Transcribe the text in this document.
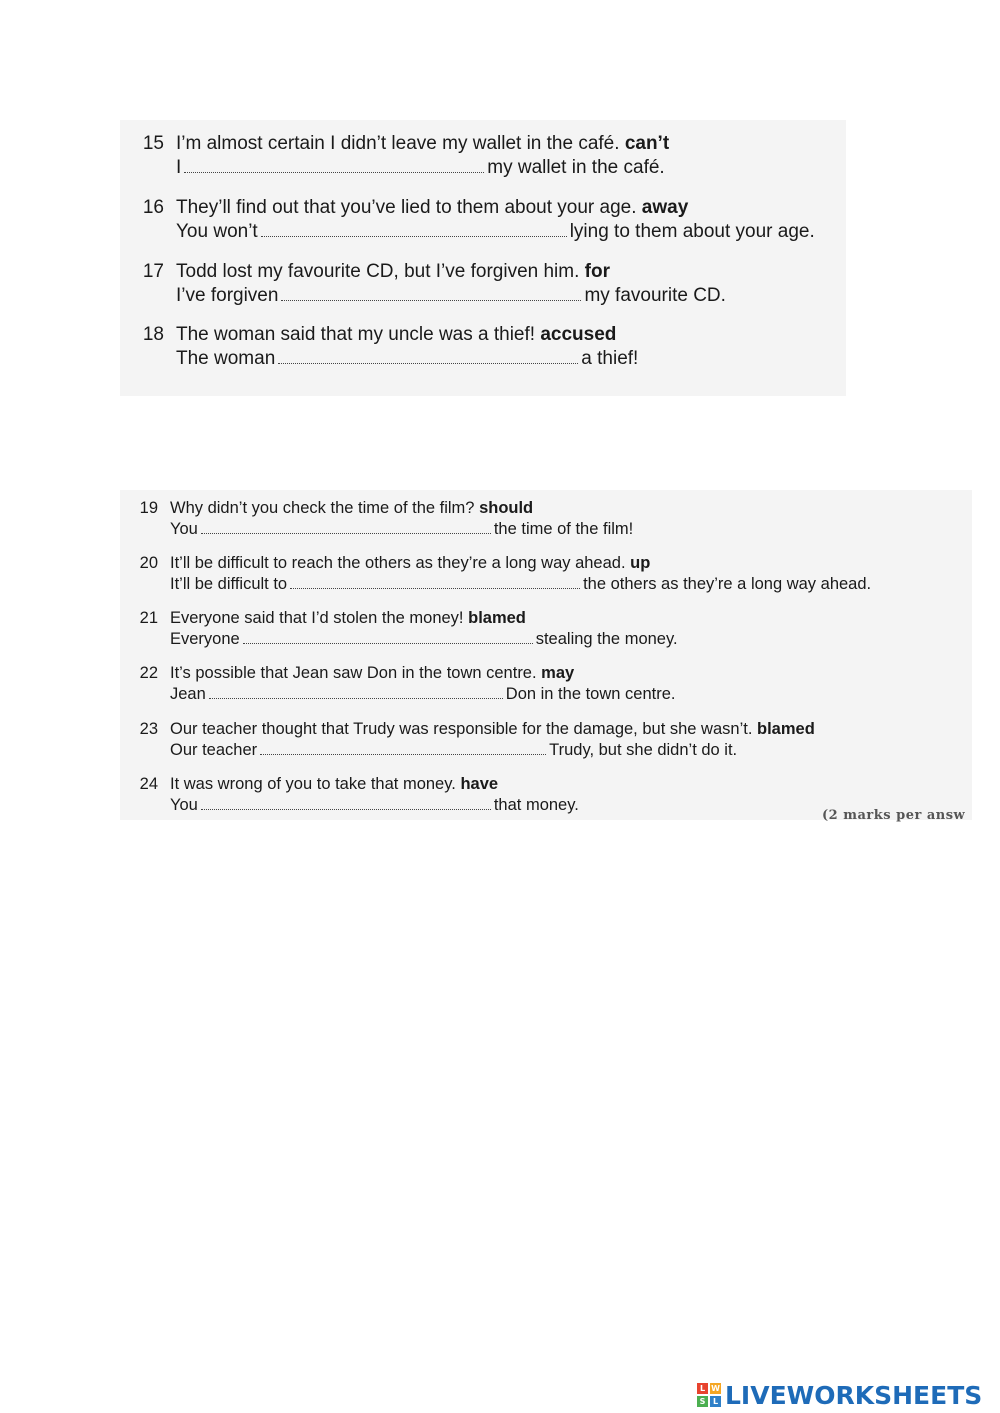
15 I’m almost certain I didn’t leave my wallet in the café. can’t
I	my wallet in the café.
16 They’ll find out that you’ve lied to them about your age. away
You won’t	lying to them about your age.
17 Todd lost my favourite CD, but I’ve forgiven him. for
I’ve forgiven	my favourite CD.
18 The woman said that my uncle was a thief! accused
The woman	a thief!
19 Why didn’t you check the time of the film? should
You	the time of the film!
20 It’ll be difficult to reach the others as they’re a long way ahead. up
It’ll be difficult to	the others as they’re a long way ahead.
21 Everyone said that I’d stolen the money! blamed
Everyone	stealing the money.
22 It’s possible that Jean saw Don in the town centre. may
Jean	Don in the town centre.
23 Our teacher thought that Trudy was responsible for the damage, but she wasn’t. blamed
Our teacher	Trudy, but she didn’t do it.
24 It was wrong of you to take that money. have
You	that money.
(2 marks per answ
L W
S L LIVEWORKSHEETS
